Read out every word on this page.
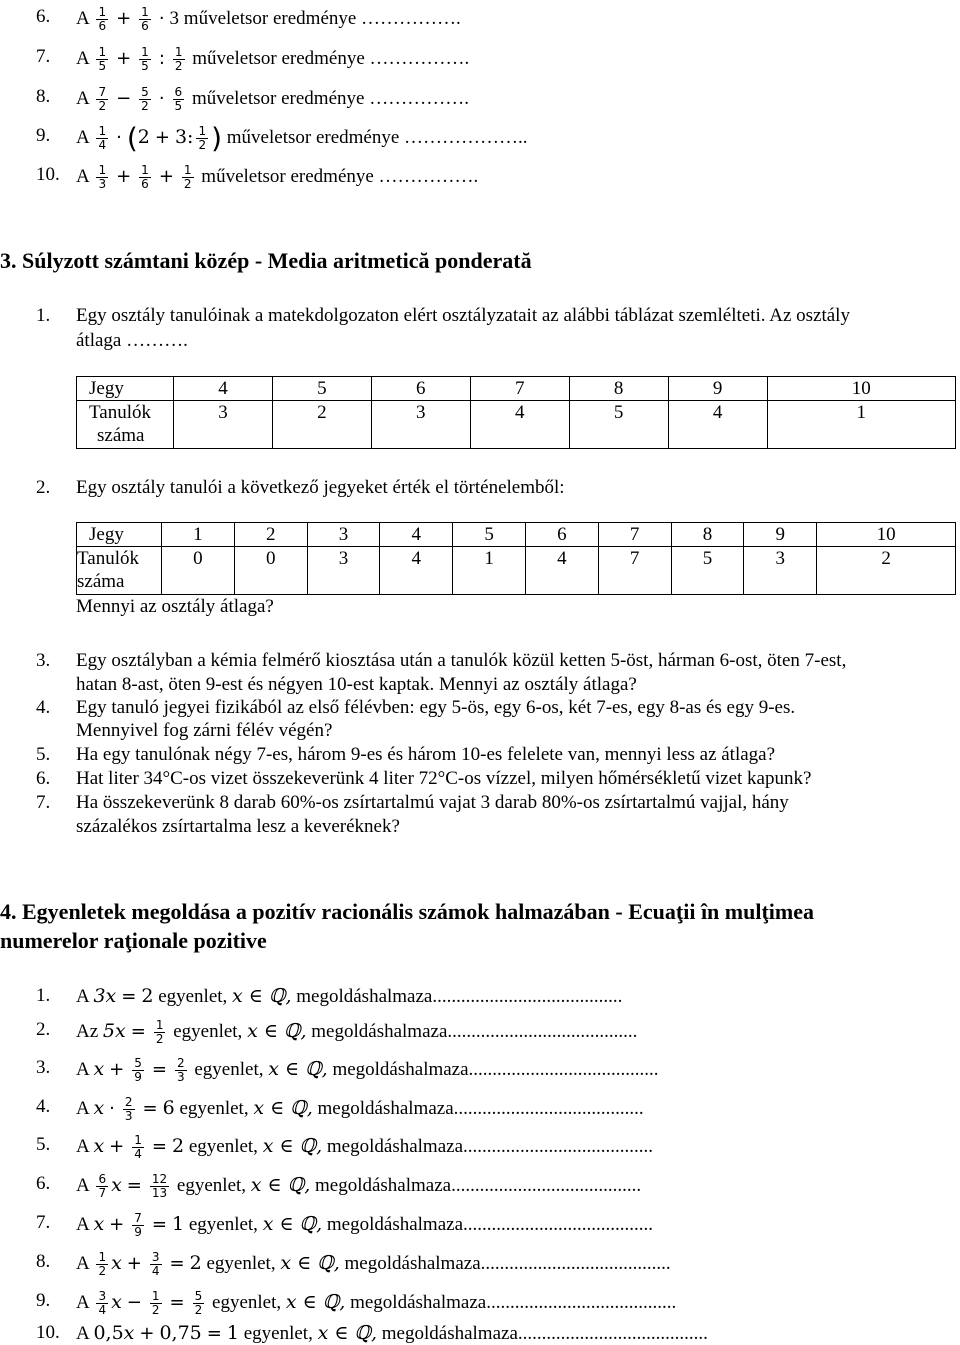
6. A $\frac{1}{6} + \frac{1}{6} \cdot 3$ műveletsor eredménye …………….
7. A $\frac{1}{5} + \frac{1}{5}$ : $\frac{1}{2}$ műveletsor eredménye …………….
8. A $\frac{7}{2} - \frac{5}{2} \cdot \frac{6}{5}$ műveletsor eredménye …………….
9. A $\frac{1}{4} \cdot (2 + 3$: $\frac{1}{2}$ ) műveletsor eredménye ………………..
10. A $\frac{1}{3} + \frac{1}{6} + \frac{1}{2}$ műveletsor eredménye …………….
3. Súlyzott számtani közép - Media aritmetică ponderată
1. Egy osztály tanulóinak a matekdolgozaton elért osztályzatait az alábbi táblázat szemlélteti. Az osztály
átlaga ……….
Jegy	4	5	6	7	8	9	10
Tanulók
száma	3	2	3	4	5	4	1
2. Egy osztály tanulói a következő jegyeket érték el történelemből:
Jegy	1	2	3	4	5	6	7	8	9	10
Tanulók
száma	0	0	3	4	1	4	7	5	3	2
Mennyi az osztály átlaga?
3. Egy osztályban a kémia felmérő kiosztása után a tanulók közül ketten 5-öst, hárman 6-ost, öten 7-est,
hatan 8-ast, öten 9-est és négyen 10-est kaptak. Mennyi az osztály átlaga?
4. Egy tanuló jegyei fizikából az első félévben: egy 5-ös, egy 6-os, két 7-es, egy 8-as és egy 9-es.
Mennyivel fog zárni félév végén?
5. Ha egy tanulónak négy 7-es, három 9-es és három 10-es felelete van, mennyi less az átlaga?
6. Hat liter 34°C-os vizet összekeverünk 4 liter 72°C-os vízzel, milyen hőmérsékletű vizet kapunk?
7. Ha összekeverünk 8 darab 60%-os zsírtartalmú vajat 3 darab 80%-os zsírtartalmú vajjal, hány
százalékos zsírtartalma lesz a keveréknek?
4. Egyenletek megoldása a pozitív racionális számok halmazában - Ecuaţii în mulţimea
numerelor raţionale pozitive
1. A 3x = 2 egyenlet, x ∈ ℚ, megoldáshalmaza........................................
2. Az $5x = \frac{1}{2}$ egyenlet, x ∈ ℚ, megoldáshalmaza........................................
3. A $x + \frac{5}{9} = \frac{2}{3}$ egyenlet, x ∈ ℚ, megoldáshalmaza........................................
4. A $x \cdot \frac{2}{3} = 6$ egyenlet, x ∈ ℚ, megoldáshalmaza........................................
5. A $x + \frac{1}{4} = 2$ egyenlet, x ∈ ℚ, megoldáshalmaza........................................
6. A $\frac{6}{7}$ $x = \frac{12}{13}$ egyenlet, x ∈ ℚ, megoldáshalmaza........................................
7. A $x + \frac{7}{9} = 1$ egyenlet, x ∈ ℚ, megoldáshalmaza........................................
8. A $\frac{1}{2}$ $x + \frac{3}{4} = 2$ egyenlet, x ∈ ℚ, megoldáshalmaza........................................
9. A $\frac{3}{4}$ $x - \frac{1}{2} = \frac{5}{2}$ egyenlet, x ∈ ℚ, megoldáshalmaza........................................
10. A 0,5x + 0,75 = 1 egyenlet, x ∈ ℚ, megoldáshalmaza........................................
